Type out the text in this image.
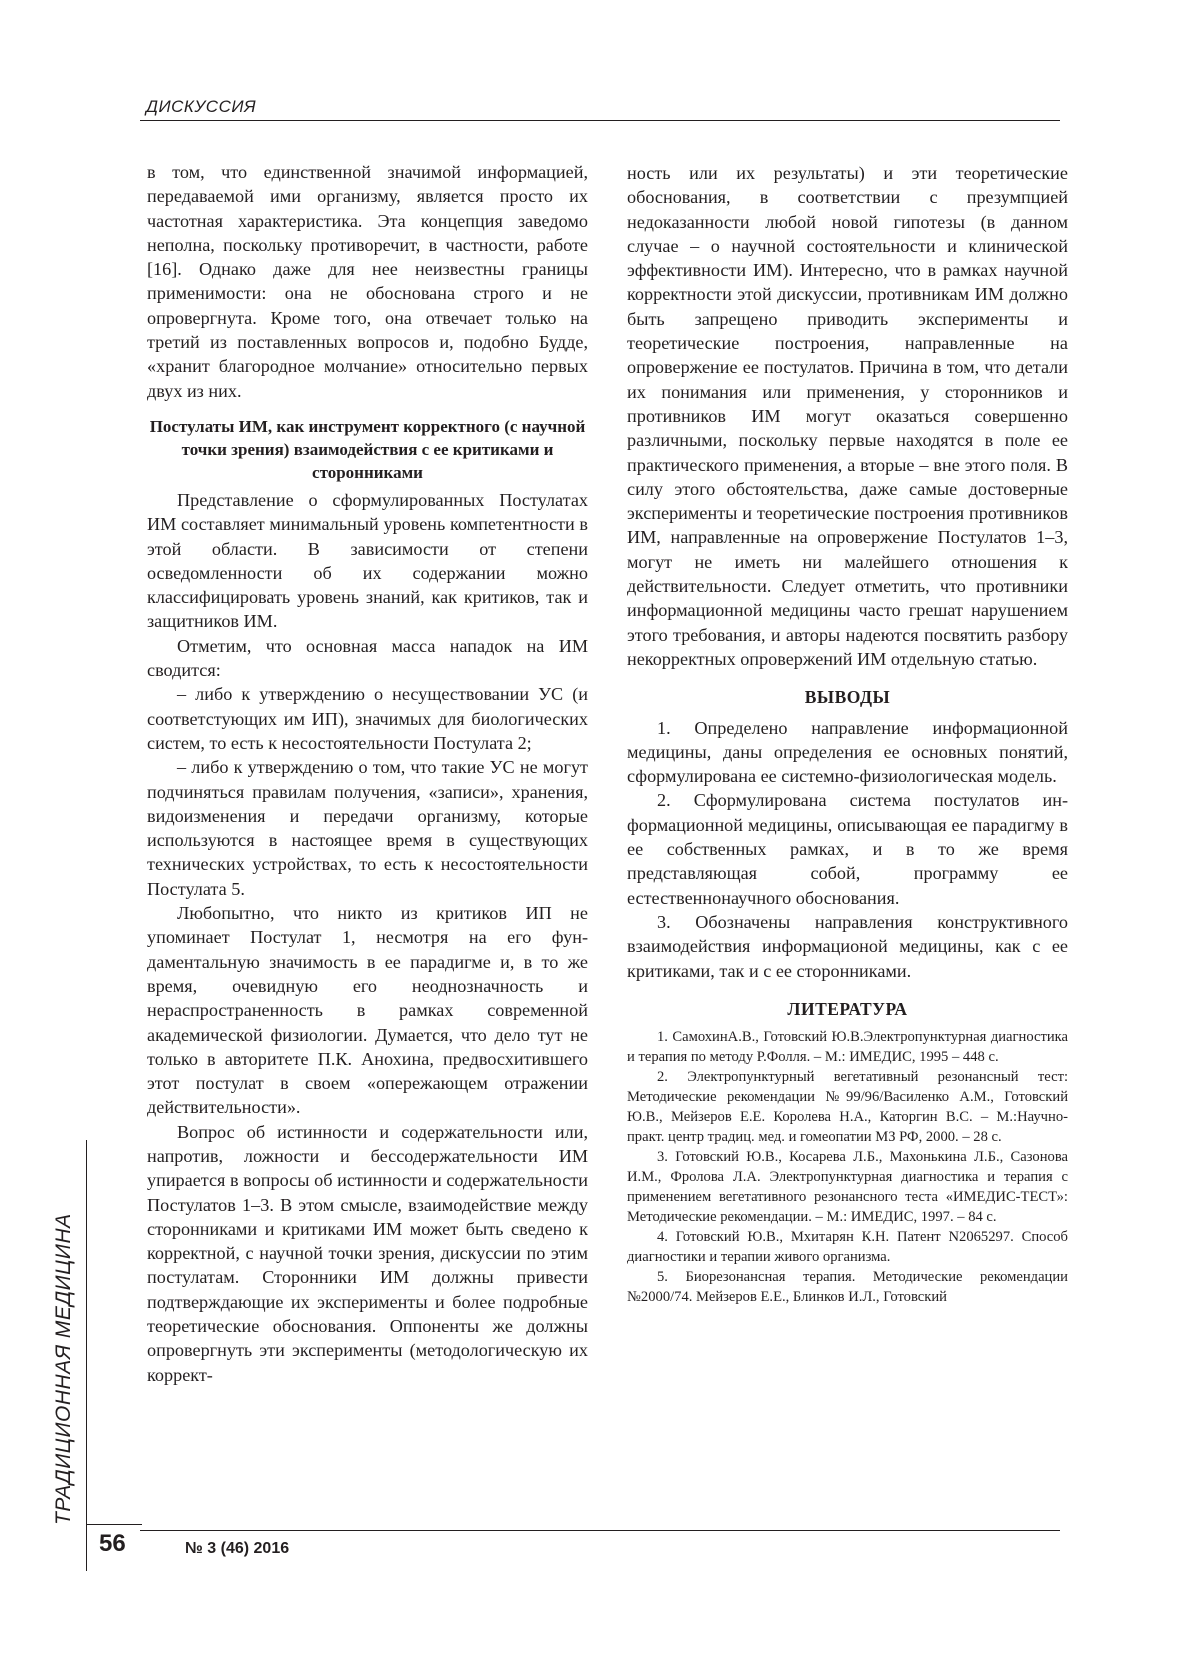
ДИСКУССИЯ

в том, что единственной значимой информацией, передаваемой ими организму, является просто их частотная характеристика. Эта концепция заведомо неполна, поскольку противоречит, в частности, работе [16]. Однако даже для нее неизвестны границы применимости: она не обоснована строго и не опровергнута. Кроме того, она отвечает только на третий из поставленных вопросов и, подобно Будде, «хранит благородное молчание» относительно первых двух из них.

Постулаты ИМ, как инструмент корректного (с научной точки зрения) взаимодействия с ее критиками и сторонниками

Представление о сформулированных Постулатах ИМ составляет минимальный уровень компетентности в этой области. В зависимости от степени осведомленности об их содержании можно классифицировать уровень знаний, как критиков, так и защитников ИМ.

Отметим, что основная масса нападок на ИМ сводится:

– либо к утверждению о несуществовании УС (и соответстующих им ИП), значимых для биологических систем, то есть к несостоятельности Постулата 2;

– либо к утверждению о том, что такие УС не могут подчиняться правилам получения, «записи», хранения, видоизменения и передачи организму, которые используются в настоящее время в существующих технических устройствах, то есть к несостоятельности Постулата 5.

Любопытно, что никто из критиков ИП не упоминает Постулат 1, несмотря на его фундаментальную значимость в ее парадигме и, в то же время, очевидную его неоднозначность и нераспространенность в рамках современной академической физиологии. Думается, что дело тут не только в авторитете П.К. Анохина, предвосхитившего этот постулат в своем «опережающем отражении действительности».

Вопрос об истинности и содержательности или, напротив, ложности и бессодержательности ИМ упирается в вопросы об истинности и содержательности Постулатов 1–3. В этом смысле, взаимодействие между сторонниками и критиками ИМ может быть сведено к корректной, с научной точки зрения, дискуссии по этим постулатам. Сторонники ИМ должны привести подтверждающие их эксперименты и более подробные теоретические обоснования. Оппоненты же должны опровергнуть эти эксперименты (методологическую их коррект-

ность или их результаты) и эти теоретические обоснования, в соответствии с презумпцией недоказанности любой новой гипотезы (в данном случае – о научной состоятельности и клинической эффективности ИМ). Интересно, что в рамках научной корректности этой дискуссии, противникам ИМ должно быть запрещено приводить эксперименты и теоретические построения, направленные на опровержение ее постулатов. Причина в том, что детали их понимания или применения, у сторонников и противников ИМ могут оказаться совершенно различными, поскольку первые находятся в поле ее практического применения, а вторые – вне этого поля. В силу этого обстоятельства, даже самые достоверные эксперименты и теоретические построения противников ИМ, направленные на опровержение Постулатов 1–3, могут не иметь ни малейшего отношения к действительности. Следует отметить, что противники информационной медицины часто грешат нарушением этого требования, и авторы надеются посвятить разбору некорректных опровержений ИМ отдельную статью.

ВЫВОДЫ

1. Определено направление информационной медицины, даны определения ее основных понятий, сформулирована ее системно-физиологическая модель.

2. Сформулирована система постулатов информационной медицины, описывающая ее парадигму в ее собственных рамках, и в то же время представляющая собой, программу ее естественнонаучного обоснования.

3. Обозначены направления конструктивного взаимодействия информационой медицины, как с ее критиками, так и с ее сторонниками.

ЛИТЕРАТУРА

1. СамохинА.В., Готовский Ю.В.Электропунктурная диагностика и терапия по методу Р.Фолля. – М.: ИМЕДИС, 1995 – 448 с.

2. Электропунктурный вегетативный резонансный тест: Методические рекомендации №99/96/Василенко А.М., Готовский Ю.В., Мейзеров Е.Е. Королева Н.А., Каторгин В.С. – М.:Научно-практ. центр традиц. мед. и гомеопатии МЗ РФ, 2000. – 28 с.

3. Готовский Ю.В., Косарева Л.Б., Махонькина Л.Б., Сазонова И.М., Фролова Л.А. Электропунктурная диагностика и терапия с применением вегетативного резонансного теста «ИМЕДИС-ТЕСТ»: Методические рекомендации. – М.: ИМЕДИС, 1997. – 84 с.

4. Готовский Ю.В., Мхитарян К.Н. Патент N2065297. Способ диагностики и терапии живого организма.

5. Биорезонансная терапия. Методические рекомендации №2000/74. Мейзеров Е.Е., Блинков И.Л., Готовский

ТРАДИЦИОННАЯ МЕДИЦИНА
56	№ 3 (46) 2016
